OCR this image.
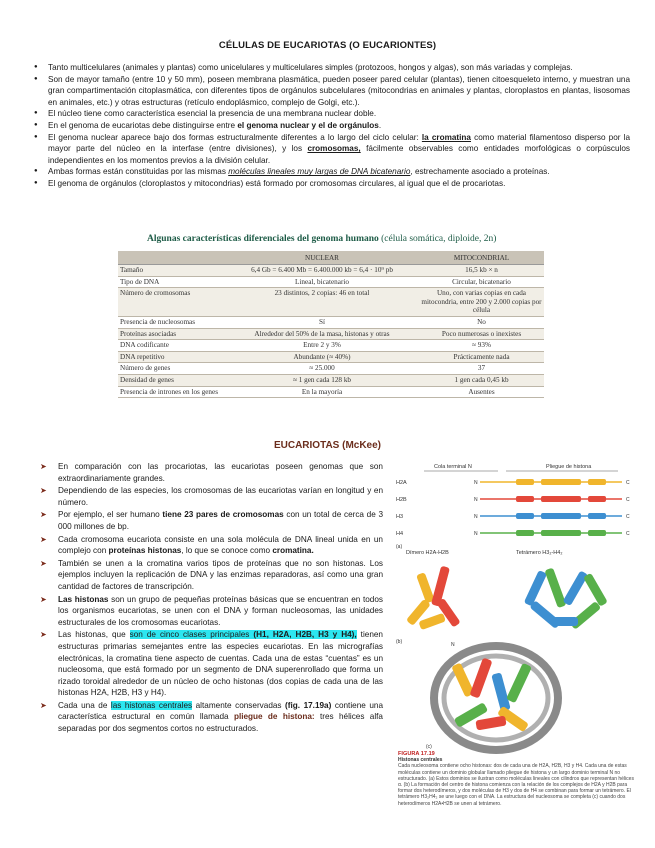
CÉLULAS DE EUCARIOTAS (O EUCARIONTES)
● Tanto multicelulares (animales y plantas) como unicelulares y multicelulares simples (protozoos, hongos y algas), son más variadas y complejas.
● Son de mayor tamaño (entre 10 y 50 mm), poseen membrana plasmática, pueden poseer pared celular (plantas), tienen citoesqueleto interno, y muestran una gran compartimentación citoplasmática, con diferentes tipos de orgánulos subcelulares (mitocondrias en animales y plantas, cloroplastos en plantas, lisosomas en animales, etc.) y otras estructuras (retículo endoplásmico, complejo de Golgi, etc.).
● El núcleo tiene como característica esencial la presencia de una membrana nuclear doble.
● En el genoma de eucariotas debe distinguirse entre el genoma nuclear y el de orgánulos.
● El genoma nuclear aparece bajo dos formas estructuralmente diferentes a lo largo del ciclo celular: la cromatina como material filamentoso disperso por la mayor parte del núcleo en la interfase (entre divisiones), y los cromosomas, fácilmente observables como entidades morfológicas o corpúsculos independientes en los momentos previos a la división celular.
● Ambas formas están constituidas por las mismas moléculas lineales muy largas de DNA bicatenario, estrechamente asociado a proteínas.
● El genoma de orgánulos (cloroplastos y mitocondrias) está formado por cromosomas circulares, al igual que el de procariotas.
Algunas características diferenciales del genoma humano (célula somática, diploide, 2n)
	NUCLEAR	MITOCONDRIAL
Tamaño	6,4 Gb = 6.400 Mb = 6.400.000 kb = 6,4 · 10⁹ pb	16,5 kb × n
Tipo de DNA	Lineal, bicatenario	Circular, bicatenario
Número de cromosomas	23 distintos, 2 copias: 46 en total	Uno, con varias copias en cada mitocondria, entre 200 y 2.000 copias por célula
Presencia de nucleosomas	Sí	No
Proteínas asociadas	Alrededor del 50% de la masa, histonas y otras	Poco numerosas o inexistes
DNA codificante	Entre 2 y 3%	≈ 93%
DNA repetitivo	Abundante (≈ 40%)	Prácticamente nada
Número de genes	≈ 25.000	37
Densidad de genes	≈ 1 gen cada 128 kb	1 gen cada 0,45 kb
Presencia de intrones en los genes	En la mayoría	Ausentes
EUCARIOTAS (McKee)
➤ En comparación con las procariotas, las eucariotas poseen genomas que son extraordinariamente grandes.
➤ Dependiendo de las especies, los cromosomas de las eucariotas varían en longitud y en número.
➤ Por ejemplo, el ser humano tiene 23 pares de cromosomas con un total de cerca de 3 000 millones de bp.
➤ Cada cromosoma eucariota consiste en una sola molécula de DNA lineal unida en un complejo con proteínas histonas, lo que se conoce como cromatina.
➤ También se unen a la cromatina varios tipos de proteínas que no son histonas. Los ejemplos incluyen la replicación de DNA y las enzimas reparadoras, así como una gran cantidad de factores de transcripción.
➤ Las histonas son un grupo de pequeñas proteínas básicas que se encuentran en todos los organismos eucariotas, se unen con el DNA y forman nucleosomas, las unidades estructurales de los cromosomas eucariotas.
➤ Las histonas, que son de cinco clases principales (H1, H2A, H2B, H3 y H4), tienen estructuras primarias semejantes entre las especies eucariotas. En las micrografías electrónicas, la cromatina tiene aspecto de cuentas. Cada una de estas “cuentas” es un nucleosoma, que está formado por un segmento de DNA superenrollado que forma un rizado toroidal alrededor de un núcleo de ocho histonas (dos copias de cada una de las histonas H2A, H2B, H3 y H4).
➤ Cada una de las histonas centrales altamente conservadas (fig. 17.19a) contiene una característica estructural en común llamada pliegue de histona: tres hélices alfa separadas por dos segmentos cortos no estructurados.
Cola terminal N	Pliegue de histona
H2A	N	C
H2B	N	C
H3	N	C
H4	N	C
(a)
Dímero H2A-H2B	Tetrámero H3₂-H4₂
N
(b)
(c)
FIGURA 17.19
Histonas centrales
Cada nucleosoma contiene ocho histonas: dos de cada una de H2A, H2B, H3 y H4. Cada una de estas moléculas contiene un dominio globular llamado pliegue de histona y un largo dominio terminal N no estructurado. (a) Estos dominios se ilustran como moléculas lineales con cilindros que representan hélices α. (b) La formación del centro de histona comienza con la relación de los complejos de H2A y H2B para formar dos heterodímeros, y dos moléculas de H3 y dos de H4 se combinan para formar un tetrámero. El tetrámero H3₂H4₂ se une luego con el DNA. La estructura del nucleosoma se completa (c) cuando dos heterodímeros H2A•H2B se unen al tetrámero.
